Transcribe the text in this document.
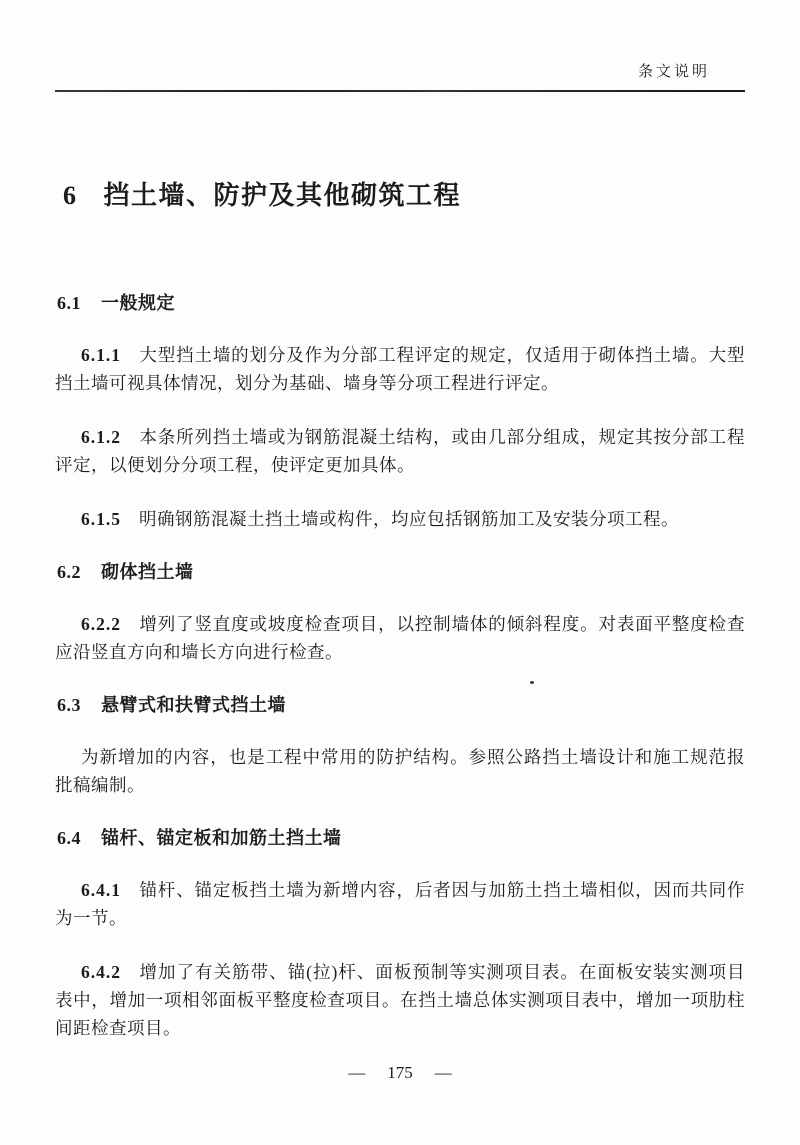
条文说明
6 挡土墙、防护及其他砌筑工程
6.1 一般规定

6.1.1 大型挡土墙的划分及作为分部工程评定的规定，仅适用于砌体挡土墙。大型挡土墙可视具体情况，划分为基础、墙身等分项工程进行评定。

6.1.2 本条所列挡土墙或为钢筋混凝土结构，或由几部分组成，规定其按分部工程评定，以便划分分项工程，使评定更加具体。

6.1.5 明确钢筋混凝土挡土墙或构件，均应包括钢筋加工及安装分项工程。

6.2 砌体挡土墙

6.2.2 增列了竖直度或坡度检查项目，以控制墙体的倾斜程度。对表面平整度检查应沿竖直方向和墙长方向进行检查。

6.3 悬臂式和扶臂式挡土墙

为新增加的内容，也是工程中常用的防护结构。参照公路挡土墙设计和施工规范报批稿编制。

6.4 锚杆、锚定板和加筋土挡土墙

6.4.1 锚杆、锚定板挡土墙为新增内容，后者因与加筋土挡土墙相似，因而共同作为一节。

6.4.2 增加了有关筋带、锚(拉)杆、面板预制等实测项目表。在面板安装实测项目表中，增加一项相邻面板平整度检查项目。在挡土墙总体实测项目表中，增加一项肋柱间距检查项目。

— 175 —
